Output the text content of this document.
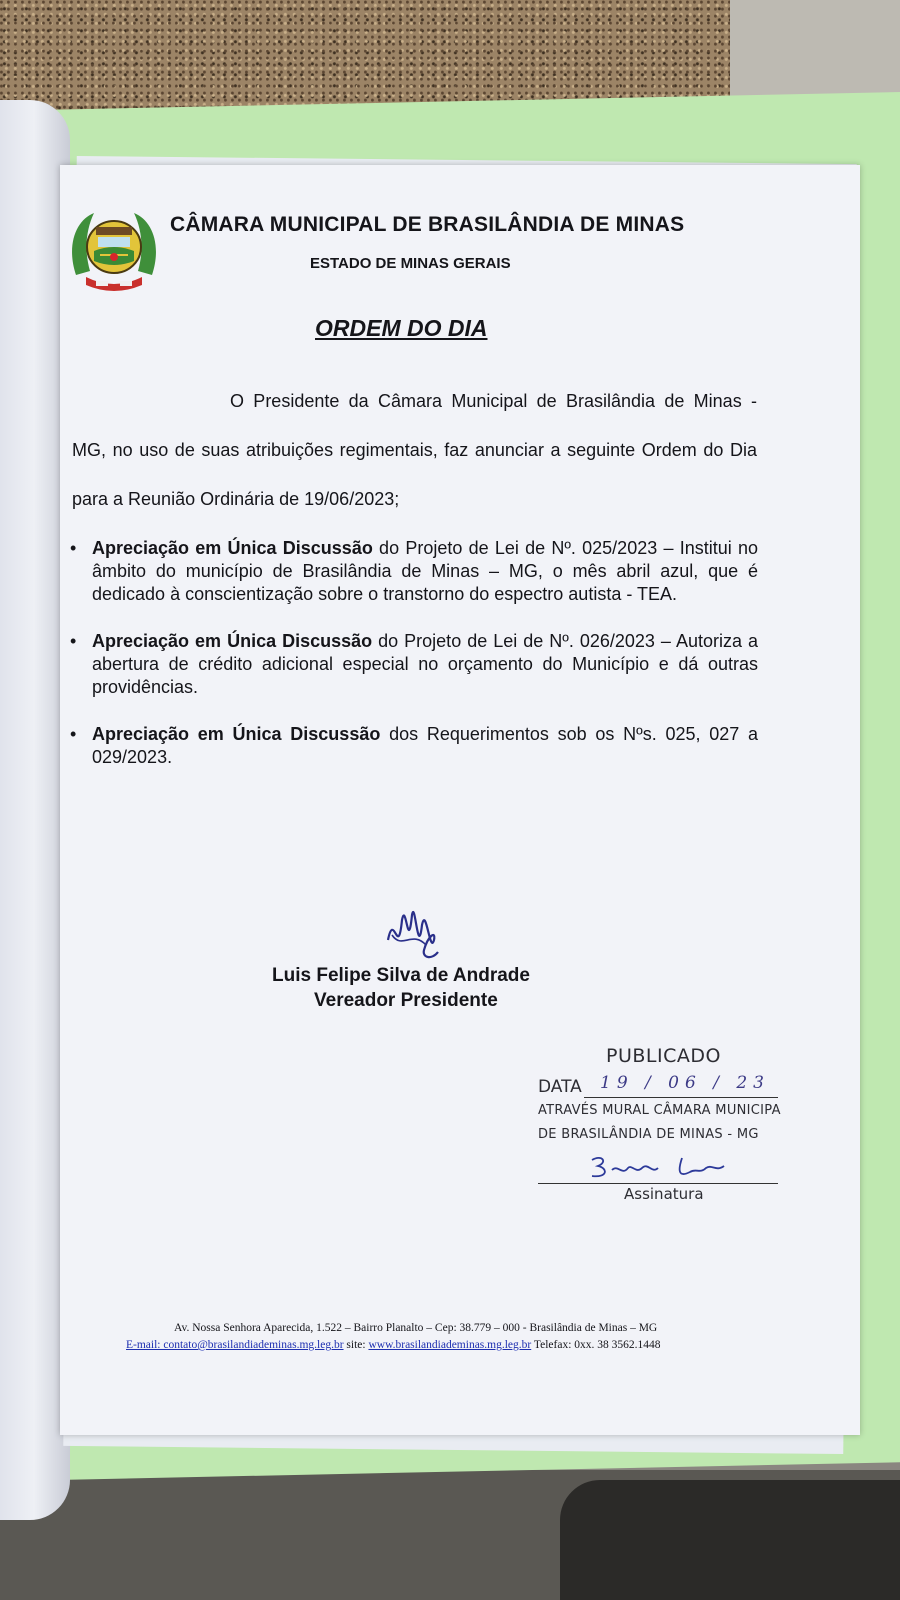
CÂMARA MUNICIPAL DE BRASILÂNDIA DE MINAS
ESTADO DE MINAS GERAIS
ORDEM DO DIA
O Presidente da Câmara Municipal de Brasilândia de Minas - MG, no uso de suas atribuições regimentais, faz anunciar a seguinte Ordem do Dia para a Reunião Ordinária de 19/06/2023;
• Apreciação em Única Discussão do Projeto de Lei de Nº. 025/2023 – Institui no âmbito do município de Brasilândia de Minas – MG, o mês abril azul, que é dedicado à conscientização sobre o transtorno do espectro autista - TEA.
• Apreciação em Única Discussão do Projeto de Lei de Nº. 026/2023 – Autoriza a abertura de crédito adicional especial no orçamento do Município e dá outras providências.
• Apreciação em Única Discussão dos Requerimentos sob os Nºs. 025, 027 a 029/2023.
Luis Felipe Silva de Andrade
Vereador Presidente
PUBLICADO
DATA 19 / 06 / 23
ATRAVÉS MURAL CÂMARA MUNICIPA
DE BRASILÂNDIA DE MINAS - MG
Assinatura
Av. Nossa Senhora Aparecida, 1.522 – Bairro Planalto – Cep: 38.779 – 000 - Brasilândia de Minas – MG
E-mail: contato@brasilandiademinas.mg.leg.br site: www.brasilandiademinas.mg.leg.br Telefax: 0xx. 38 3562.1448
